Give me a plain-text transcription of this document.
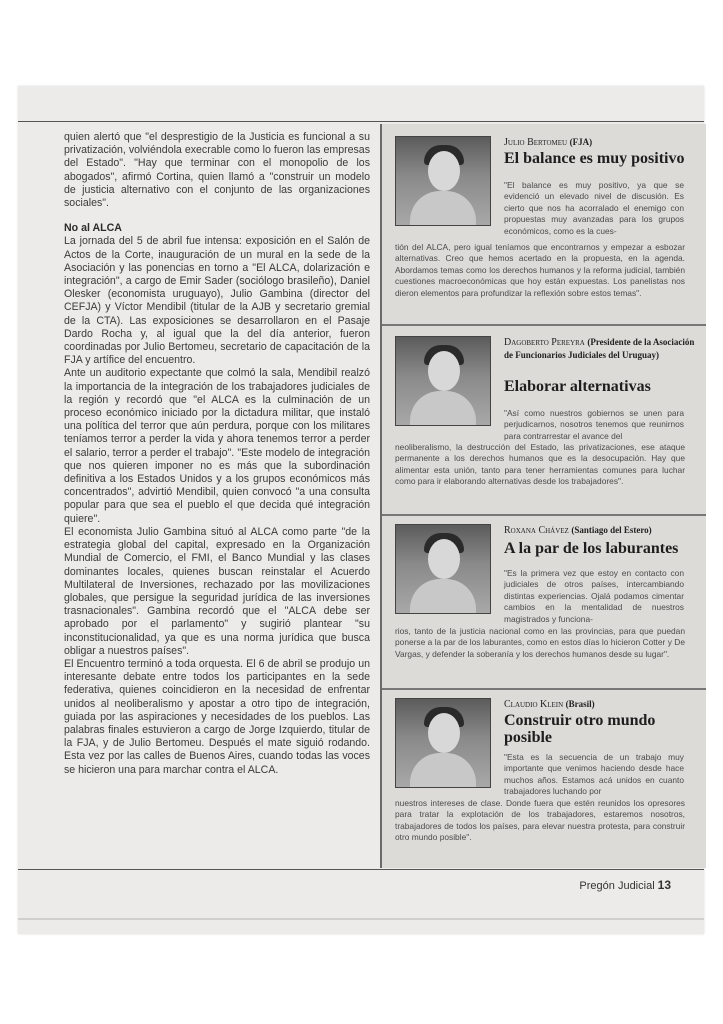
quien alertó que "el desprestigio de la Justicia es funcional a su privatización, volviéndola execrable como lo fueron las empresas del Estado". "Hay que terminar con el monopolio de los abogados", afirmó Cortina, quien llamó a "construir un modelo de justicia alternativo con el conjunto de las organizaciones sociales".

No al ALCA

La jornada del 5 de abril fue intensa: exposición en el Salón de Actos de la Corte, inauguración de un mural en la sede de la Asociación y las ponencias en torno a "El ALCA, dolarización e integración", a cargo de Emir Sader (sociólogo brasileño), Daniel Olesker (economista uruguayo), Julio Gambina (director del CEFJA) y Víctor Mendibil (titular de la AJB y secretario gremial de la CTA). Las exposiciones se desarrollaron en el Pasaje Dardo Rocha y, al igual que la del día anterior, fueron coordinadas por Julio Bertomeu, secretario de capacitación de la FJA y artífice del encuentro.

Ante un auditorio expectante que colmó la sala, Mendibil realzó la importancia de la integración de los trabajadores judiciales de la región y recordó que "el ALCA es la culminación de un proceso económico iniciado por la dictadura militar, que instaló una política del terror que aún perdura, porque con los militares teníamos terror a perder la vida y ahora tenemos terror a perder el salario, terror a perder el trabajo". "Este modelo de integración que nos quieren imponer no es más que la subordinación definitiva a los Estados Unidos y a los grupos económicos más concentrados", advirtió Mendibil, quien convocó "a una consulta popular para que sea el pueblo el que decida qué integración quiere".

El economista Julio Gambina situó al ALCA como parte "de la estrategia global del capital, expresado en la Organización Mundial de Comercio, el FMI, el Banco Mundial y las clases dominantes locales, quienes buscan reinstalar el Acuerdo Multilateral de Inversiones, rechazado por las movilizaciones globales, que persigue la seguridad jurídica de las inversiones trasnacionales". Gambina recordó que el "ALCA debe ser aprobado por el parlamento" y sugirió plantear "su inconstitucionalidad, ya que es una norma jurídica que busca obligar a nuestros países".

El Encuentro terminó a toda orquesta. El 6 de abril se produjo un interesante debate entre todos los participantes en la sede federativa, quienes coincidieron en la necesidad de enfrentar unidos al neoliberalismo y apostar a otro tipo de integración, guiada por las aspiraciones y necesidades de los pueblos. Las palabras finales estuvieron a cargo de Jorge Izquierdo, titular de la FJA, y de Julio Bertomeu. Después el mate siguió rodando. Esta vez por las calles de Buenos Aires, cuando todas las voces se hicieron una para marchar contra el ALCA.

Julio Bertomeu (FJA)
El balance es muy positivo
"El balance es muy positivo, ya que se evidenció un elevado nivel de discusión. Es cierto que nos ha acorralado el enemigo con propuestas muy avanzadas para los grupos económicos, como es la cues-
tión del ALCA, pero igual teníamos que encontrarnos y empezar a esbozar alternativas. Creo que hemos acertado en la propuesta, en la agenda. Abordamos temas como los derechos humanos y la reforma judicial, también cuestiones macroeconómicas que hoy están expuestas. Los panelistas nos dieron elementos para profundizar la reflexión sobre estos temas".
Dagoberto Pereyra (Presidente de la Asociación de Funcionarios Judiciales del Uruguay)
Elaborar alternativas
"Así como nuestros gobiernos se unen para perjudicarnos, nosotros tenemos que reunirnos para contrarrestar el avance del
neoliberalismo, la destrucción del Estado, las privatizaciones, ese ataque permanente a los derechos humanos que es la desocupación. Hay que alimentar esta unión, tanto para tener herramientas comunes para luchar como para ir elaborando alternativas desde los trabajadores".
Roxana Chávez (Santiago del Estero)
A la par de los laburantes
"Es la primera vez que estoy en contacto con judiciales de otros países, intercambiando distintas experiencias. Ojalá podamos cimentar cambios en la mentalidad de nuestros magistrados y funciona-
rios, tanto de la justicia nacional como en las provincias, para que puedan ponerse a la par de los laburantes, como en estos días lo hicieron Cotter y De Vargas, y defender la soberanía y los derechos humanos desde su lugar".
Claudio Klein (Brasil)
Construir otro mundo posible
"Esta es la secuencia de un trabajo muy importante que venimos haciendo desde hace muchos años. Estamos acá unidos en cuanto trabajadores luchando por
nuestros intereses de clase. Donde fuera que estén reunidos los opresores para tratar la explotación de los trabajadores, estaremos nosotros, trabajadores de todos los países, para elevar nuestra protesta, para construir otro mundo posible".
Pregón Judicial 13
